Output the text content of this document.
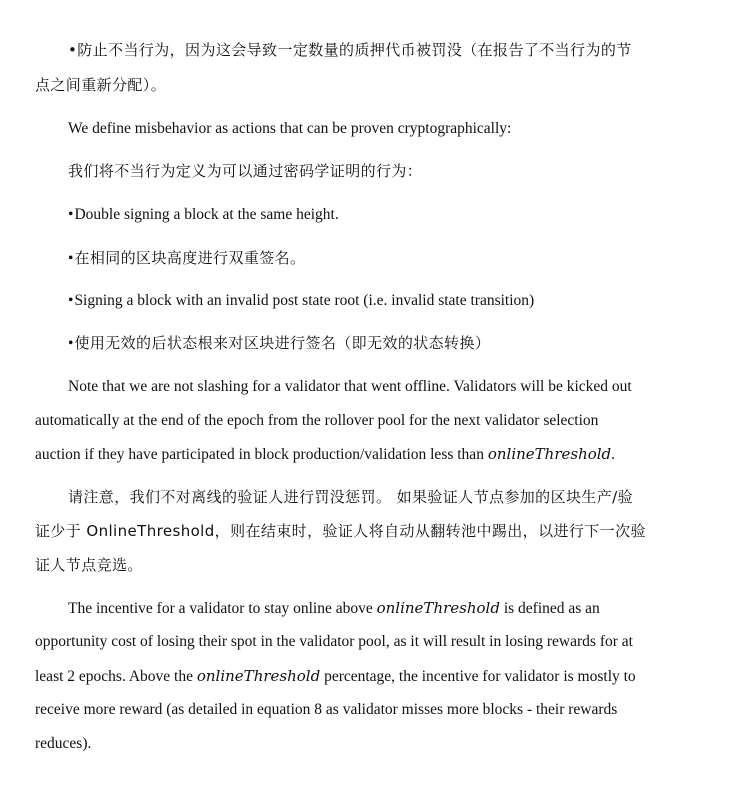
•防止不当行为，因为这会导致一定数量的质押代币被罚没（在报告了不当行为的节
点之间重新分配）。
We define misbehavior as actions that can be proven cryptographically:
我们将不当行为定义为可以通过密码学证明的行为：
•Double signing a block at the same height.
•在相同的区块高度进行双重签名。
•Signing a block with an invalid post state root (i.e. invalid state transition)
•使用无效的后状态根来对区块进行签名（即无效的状态转换）
Note that we are not slashing for a validator that went offline. Validators will be kicked out
automatically at the end of the epoch from the rollover pool for the next validator selection
auction if they have participated in block production/validation less than onlineThreshold.
请注意，我们不对离线的验证人进行罚没惩罚。 如果验证人节点参加的区块生产/验
证少于 OnlineThreshold，则在结束时，验证人将自动从翻转池中踢出，以进行下一次验
证人节点竞选。
The incentive for a validator to stay online above onlineThreshold is defined as an
opportunity cost of losing their spot in the validator pool, as it will result in losing rewards for at
least 2 epochs. Above the onlineThreshold percentage, the incentive for validator is mostly to
receive more reward (as detailed in equation 8 as validator misses more blocks - their rewards
reduces).
